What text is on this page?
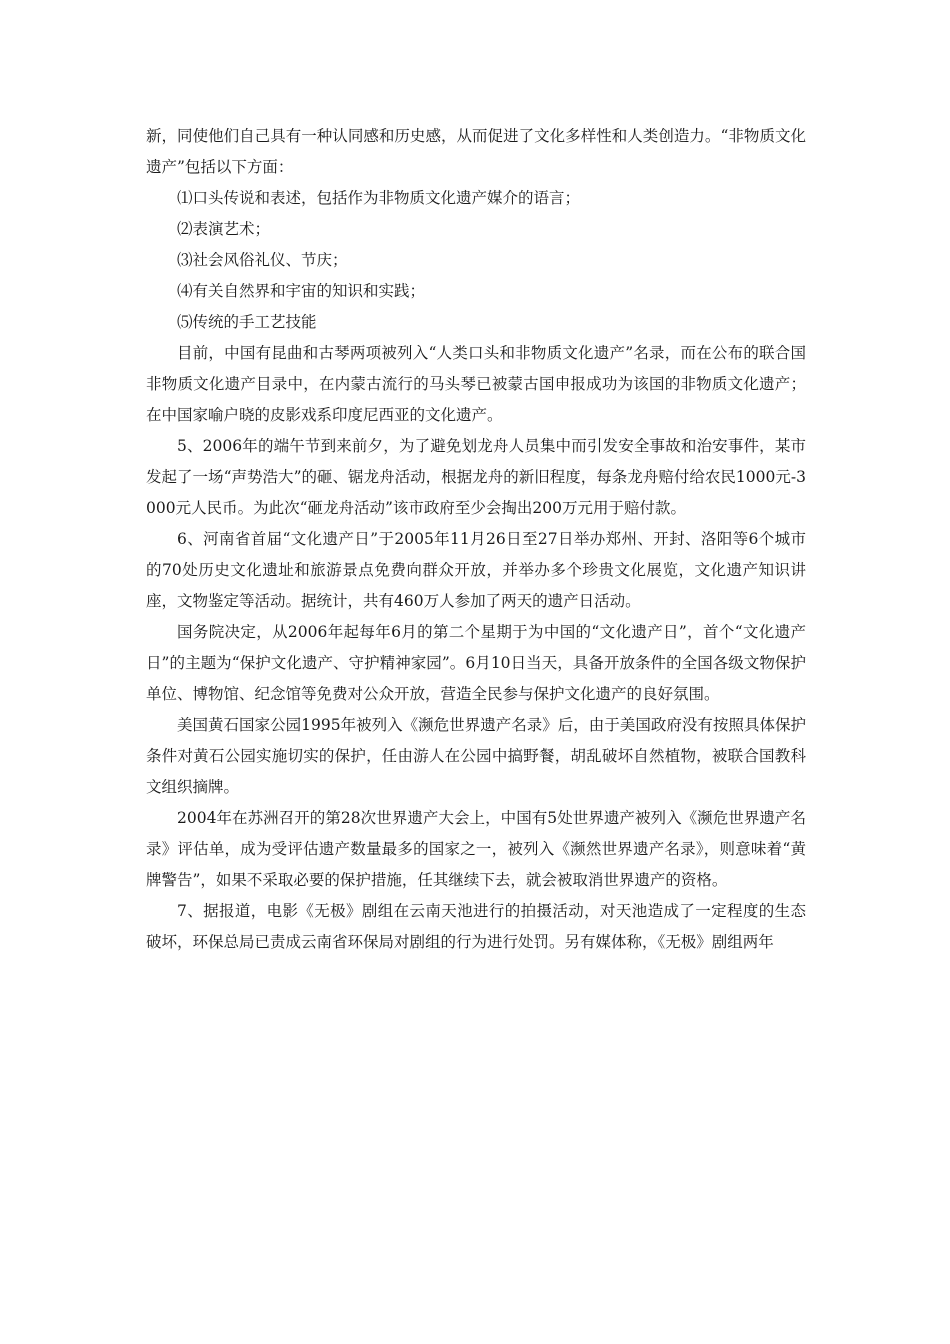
新，同使他们自己具有一种认同感和历史感，从而促进了文化多样性和人类创造力。“非物质文化遗产”包括以下方面：

⑴口头传说和表述，包括作为非物质文化遗产媒介的语言；

⑵表演艺术；

⑶社会风俗礼仪、节庆；

⑷有关自然界和宇宙的知识和实践；

⑸传统的手工艺技能

目前，中国有昆曲和古琴两项被列入“人类口头和非物质文化遗产”名录，而在公布的联合国非物质文化遗产目录中，在内蒙古流行的马头琴已被蒙古国申报成功为该国的非物质文化遗产；在中国家喻户晓的皮影戏系印度尼西亚的文化遗产。

5、2006年的端午节到来前夕，为了避免划龙舟人员集中而引发安全事故和治安事件，某市发起了一场“声势浩大”的砸、锯龙舟活动，根据龙舟的新旧程度，每条龙舟赔付给农民1000元-3000元人民币。为此次“砸龙舟活动”该市政府至少会掏出200万元用于赔付款。

6、河南省首届“文化遗产日”于2005年11月26日至27日举办郑州、开封、洛阳等6个城市的70处历史文化遗址和旅游景点免费向群众开放，并举办多个珍贵文化展览，文化遗产知识讲座，文物鉴定等活动。据统计，共有460万人参加了两天的遗产日活动。

国务院决定，从2006年起每年6月的第二个星期于为中国的“文化遗产日”，首个“文化遗产日”的主题为“保护文化遗产、守护精神家园”。6月10日当天，具备开放条件的全国各级文物保护单位、博物馆、纪念馆等免费对公众开放，营造全民参与保护文化遗产的良好氛围。

美国黄石国家公园1995年被列入《濒危世界遗产名录》后，由于美国政府没有按照具体保护条件对黄石公园实施切实的保护，任由游人在公园中搞野餐，胡乱破坏自然植物，被联合国教科文组织摘牌。

2004年在苏洲召开的第28次世界遗产大会上，中国有5处世界遗产被列入《濒危世界遗产名录》评估单，成为受评估遗产数量最多的国家之一，被列入《濒然世界遗产名录》，则意味着“黄牌警告”，如果不采取必要的保护措施，任其继续下去，就会被取消世界遗产的资格。

7、据报道，电影《无极》剧组在云南天池进行的拍摄活动，对天池造成了一定程度的生态破坏，环保总局已责成云南省环保局对剧组的行为进行处罚。另有媒体称，《无极》剧组两年
